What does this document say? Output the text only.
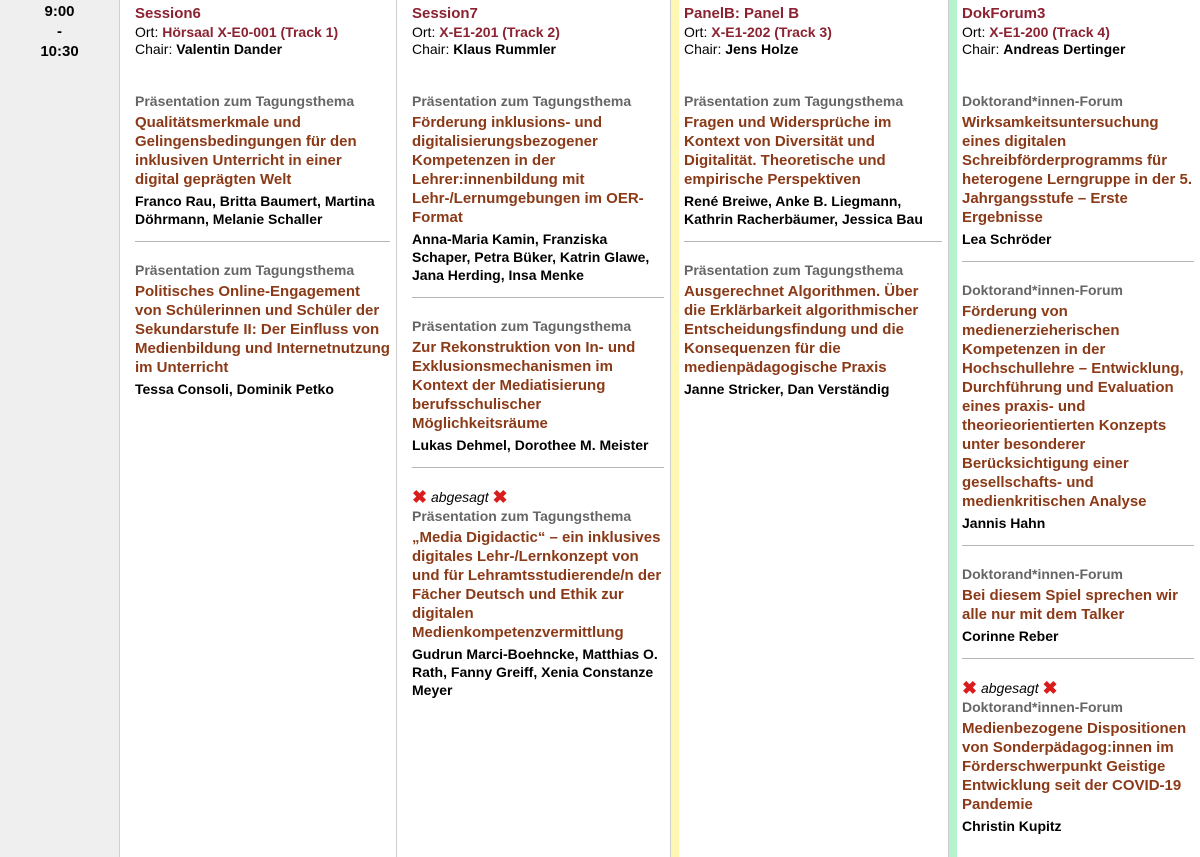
9:00
-
10:30
Session6
Ort: Hörsaal X-E0-001 (Track 1)
Chair: Valentin Dander
Präsentation zum Tagungsthema
Qualitätsmerkmale und Gelingensbedingungen für den inklusiven Unterricht in einer digital geprägten Welt
Franco Rau, Britta Baumert, Martina Döhrmann, Melanie Schaller
Präsentation zum Tagungsthema
Politisches Online-Engagement von Schülerinnen und Schüler der Sekundarstufe II: Der Einfluss von Medienbildung und Internetnutzung im Unterricht
Tessa Consoli, Dominik Petko
Session7
Ort: X-E1-201 (Track 2)
Chair: Klaus Rummler
Präsentation zum Tagungsthema
Förderung inklusions- und digitalisierungsbezogener Kompetenzen in der Lehrer:innenbildung mit Lehr-/Lernumgebungen im OER-Format
Anna-Maria Kamin, Franziska Schaper, Petra Büker, Katrin Glawe, Jana Herding, Insa Menke
Präsentation zum Tagungsthema
Zur Rekonstruktion von In- und Exklusionsmechanismen im Kontext der Mediatisierung berufsschulischer Möglichkeitsräume
Lukas Dehmel, Dorothee M. Meister
✖ abgesagt ✖
Präsentation zum Tagungsthema
„Media Digidactic“ – ein inklusives digitales Lehr-/Lernkonzept von und für Lehramtsstudierende/n der Fächer Deutsch und Ethik zur digitalen Medienkompetenzvermittlung
Gudrun Marci-Boehncke, Matthias O. Rath, Fanny Greiff, Xenia Constanze Meyer
PanelB: Panel B
Ort: X-E1-202 (Track 3)
Chair: Jens Holze
Präsentation zum Tagungsthema
Fragen und Widersprüche im Kontext von Diversität und Digitalität. Theoretische und empirische Perspektiven
René Breiwe, Anke B. Liegmann, Kathrin Racherbäumer, Jessica Bau
Präsentation zum Tagungsthema
Ausgerechnet Algorithmen. Über die Erklärbarkeit algorithmischer Entscheidungsfindung und die Konsequenzen für die medienpädagogische Praxis
Janne Stricker, Dan Verständig
DokForum3
Ort: X-E1-200 (Track 4)
Chair: Andreas Dertinger
Doktorand*innen-Forum
Wirksamkeitsuntersuchung eines digitalen Schreibförderprogramms für heterogene Lerngruppe in der 5. Jahrgangsstufe – Erste Ergebnisse
Lea Schröder
Doktorand*innen-Forum
Förderung von medienerzieherischen Kompetenzen in der Hochschullehre – Entwicklung, Durchführung und Evaluation eines praxis- und theorieorientierten Konzepts unter besonderer Berücksichtigung einer gesellschafts- und medienkritischen Analyse
Jannis Hahn
Doktorand*innen-Forum
Bei diesem Spiel sprechen wir alle nur mit dem Talker
Corinne Reber
✖ abgesagt ✖
Doktorand*innen-Forum
Medienbezogene Dispositionen von Sonderpädagog:innen im Förderschwerpunkt Geistige Entwicklung seit der COVID-19 Pandemie
Christin Kupitz
